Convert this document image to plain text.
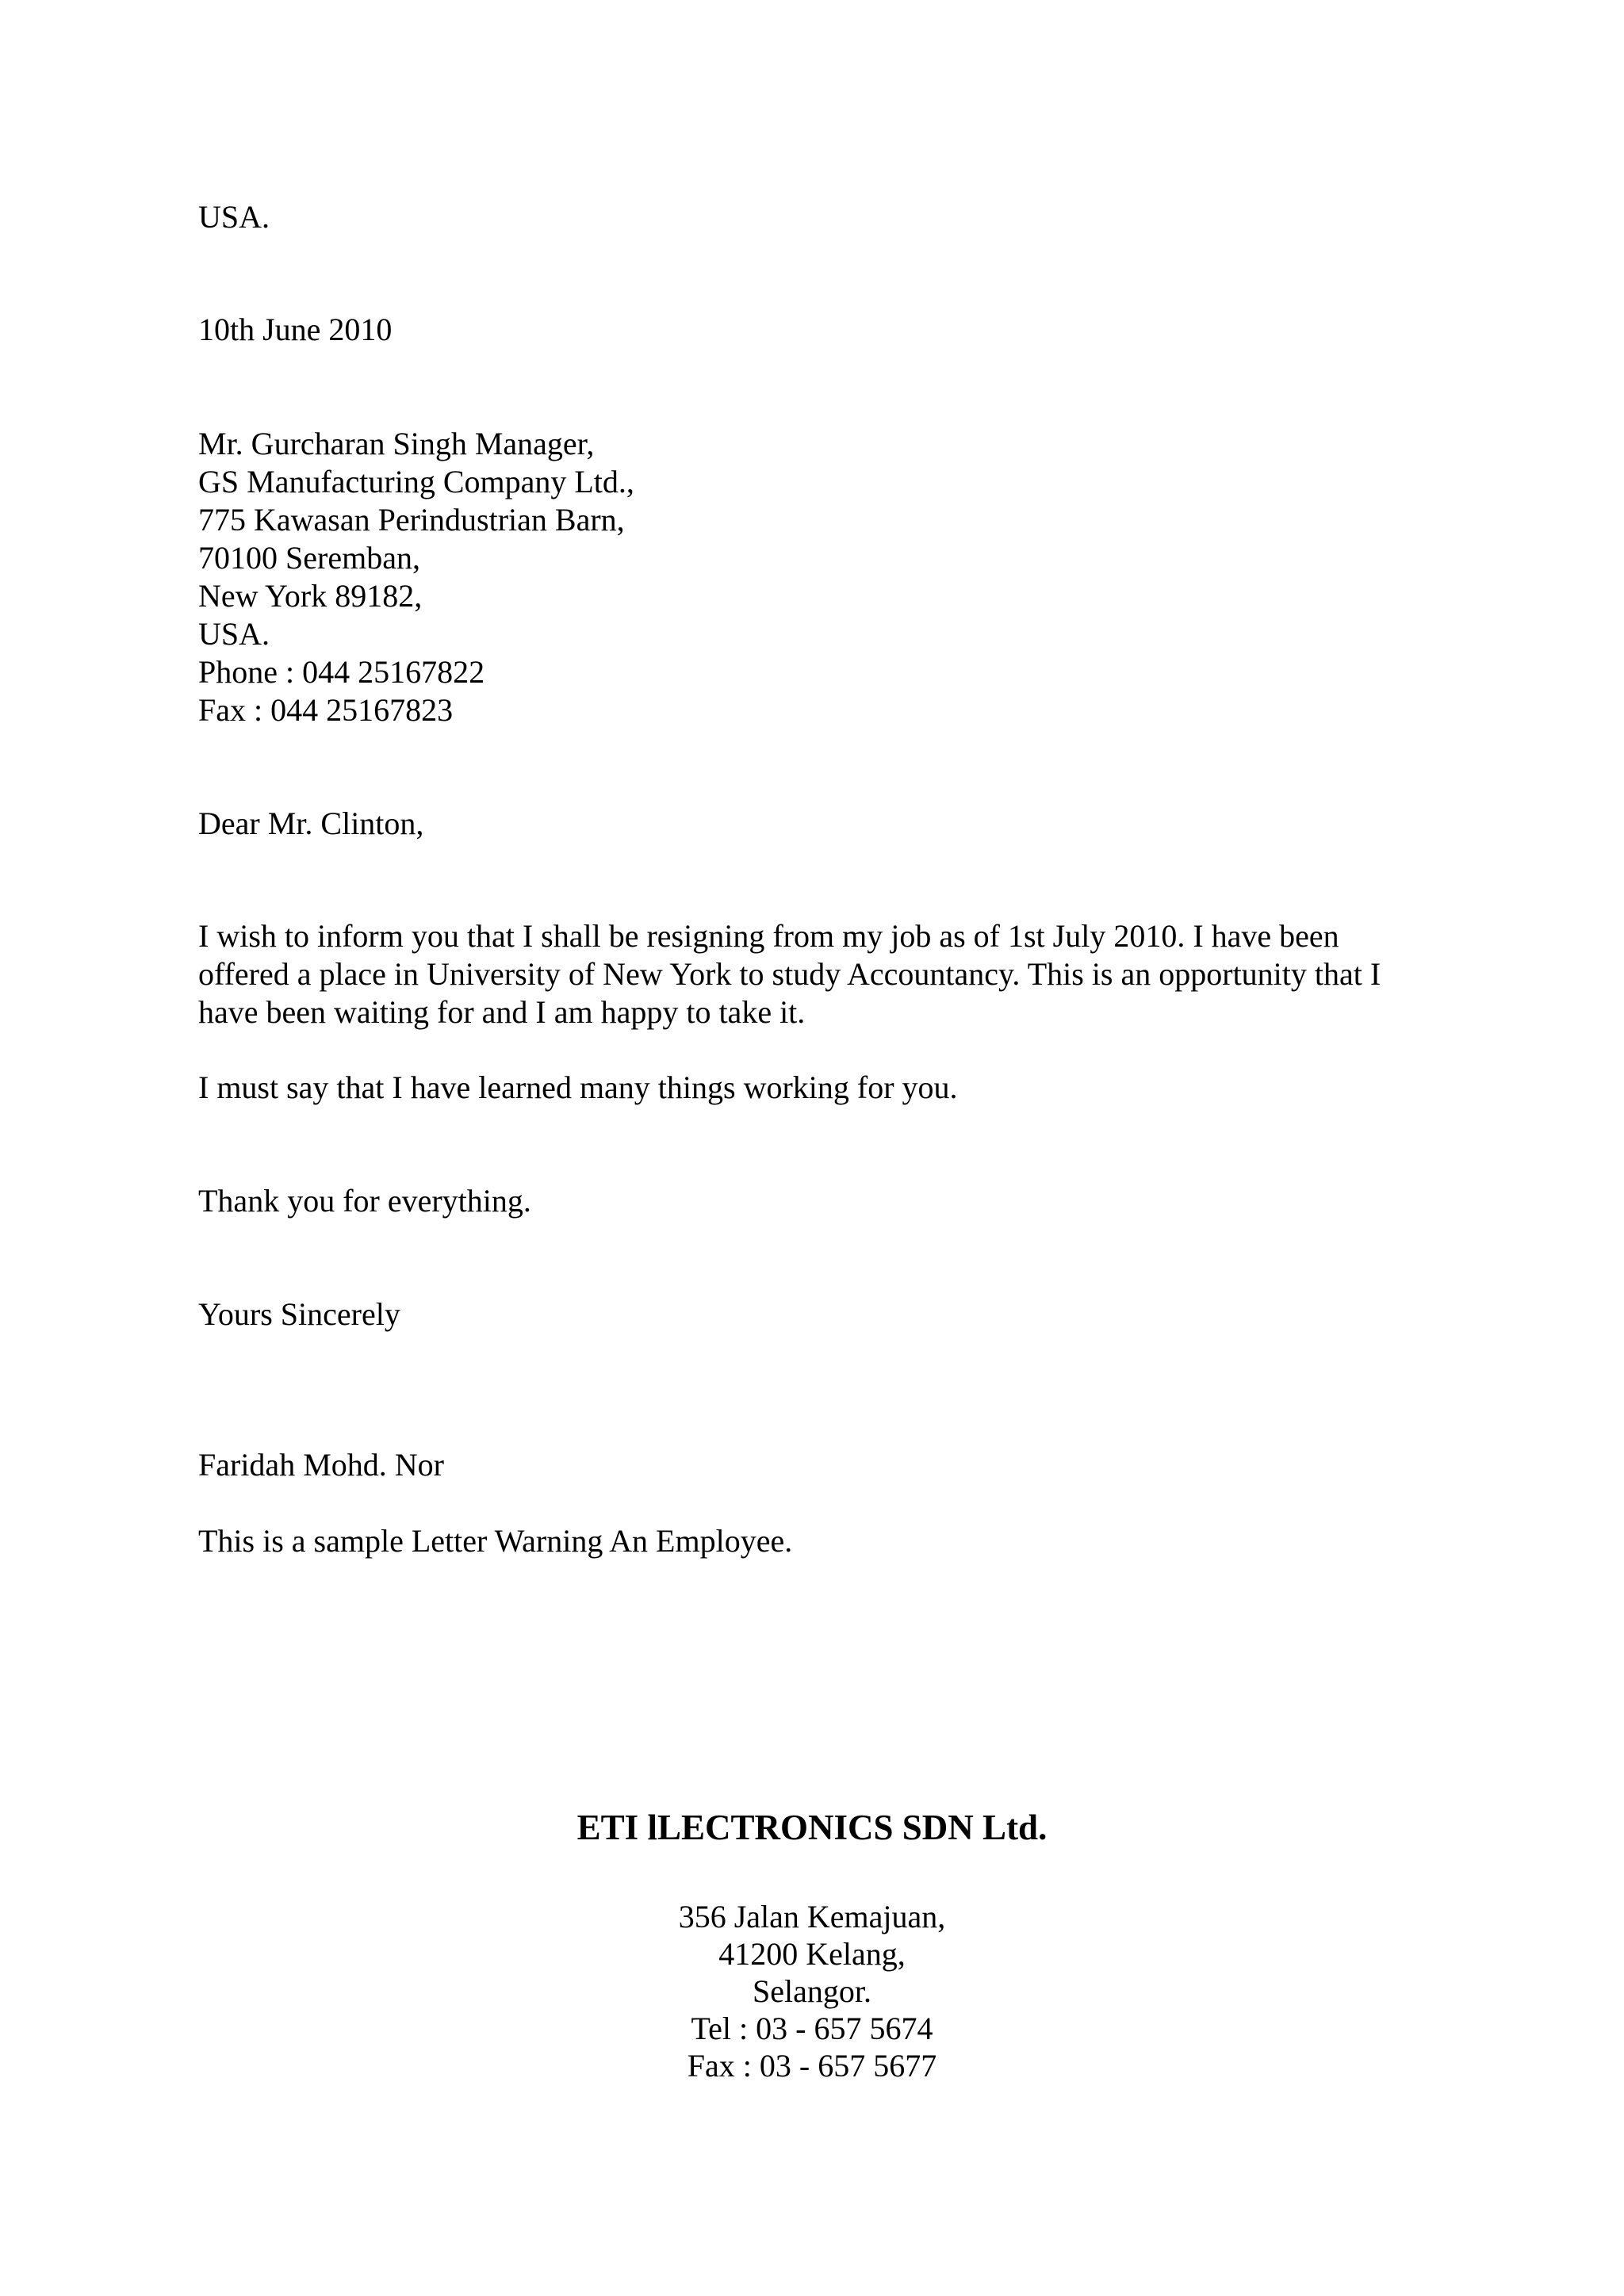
USA.
10th June 2010
Mr. Gurcharan Singh Manager,
GS Manufacturing Company Ltd.,
775 Kawasan Perindustrian Barn,
70100 Seremban,
New York 89182,
USA.
Phone : 044 25167822
Fax : 044 25167823
Dear Mr. Clinton,
I wish to inform you that I shall be resigning from my job as of 1st July 2010. I have been
offered a place in University of New York to study Accountancy. This is an opportunity that I
have been waiting for and I am happy to take it.
I must say that I have learned many things working for you.
Thank you for everything.
Yours Sincerely
Faridah Mohd. Nor
This is a sample Letter Warning An Employee.
ETI lLECTRONICS SDN Ltd.
356 Jalan Kemajuan,
41200 Kelang,
Selangor.
Tel : 03 - 657 5674
Fax : 03 - 657 5677
